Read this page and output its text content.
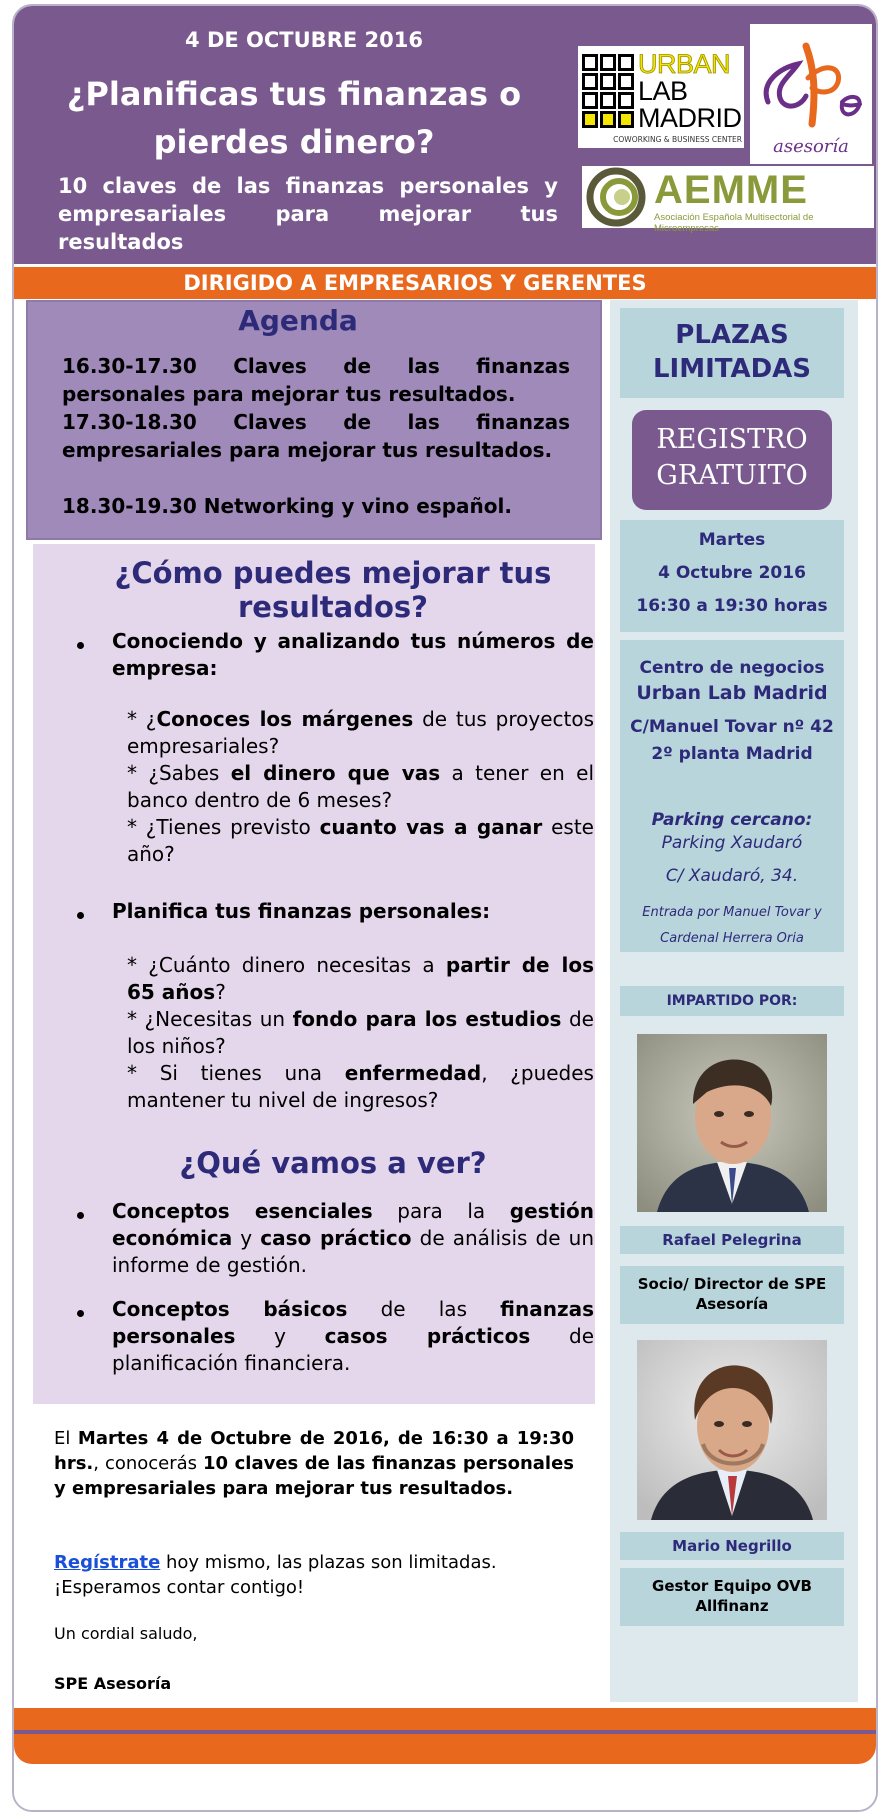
4 DE OCTUBRE 2016
¿Planificas tus finanzas o pierdes dinero?
10 claves de las finanzas personales y empresariales para mejorar tus resultados
URBAN
LAB
MADRID
COWORKING & BUSINESS CENTER	asesoría
AEMME
Asociación Española Multisectorial de Microempresas
DIRIGIDO A EMPRESARIOS Y GERENTES
Agenda
16.30-17.30 Claves de las finanzas personales para mejorar tus resultados.
17.30-18.30 Claves de las finanzas empresariales para mejorar tus resultados.
18.30-19.30 Networking y vino español.
¿Cómo puedes mejorar tus resultados?
Conociendo y analizando tus números de empresa:
* ¿Conoces los márgenes de tus proyectos empresariales?
* ¿Sabes el dinero que vas a tener en el banco dentro de 6 meses?
* ¿Tienes previsto cuanto vas a ganar este año?
Planifica tus finanzas personales:
* ¿Cuánto dinero necesitas a partir de los 65 años?
* ¿Necesitas un fondo para los estudios de los niños?
* Si tienes una enfermedad, ¿puedes mantener tu nivel de ingresos?
¿Qué vamos a ver?
Conceptos esenciales para la gestión económica y caso práctico de análisis de un informe de gestión.
Conceptos básicos de las finanzas personales y casos prácticos de planificación financiera.
El Martes 4 de Octubre de 2016, de 16:30 a 19:30 hrs., conocerás 10 claves de las finanzas personales y empresariales para mejorar tus resultados.
Regístrate hoy mismo, las plazas son limitadas. ¡Esperamos contar contigo!
Un cordial saludo,
SPE Asesoría
PLAZAS LIMITADAS
REGISTRO GRATUITO
Martes
4 Octubre 2016
16:30 a 19:30 horas
Centro de negocios
Urban Lab Madrid
C/Manuel Tovar nº 42 2º planta Madrid
Parking cercano:
Parking Xaudaró
C/ Xaudaró, 34.
Entrada por Manuel Tovar y Cardenal Herrera Oria
IMPARTIDO POR:
Rafael Pelegrina
Socio/ Director de SPE Asesoría
Mario Negrillo
Gestor Equipo OVB Allfinanz
